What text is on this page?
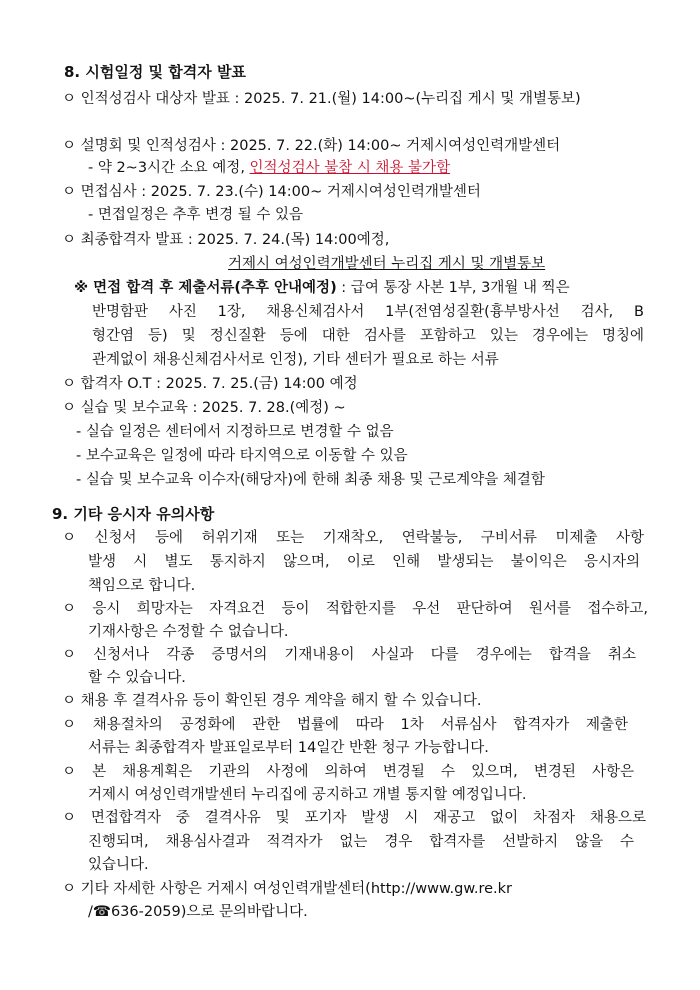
8. 시험일정 및 합격자 발표
ㅇ 인적성검사 대상자 발표 : 2025. 7. 21.(월) 14:00~(누리집 게시 및 개별통보)
ㅇ 설명회 및 인적성검사 : 2025. 7. 22.(화) 14:00~ 거제시여성인력개발센터
- 약 2~3시간 소요 예정, 인적성검사 불참 시 채용 불가함
ㅇ 면접심사 : 2025. 7. 23.(수) 14:00~ 거제시여성인력개발센터
- 면접일정은 추후 변경 될 수 있음
ㅇ 최종합격자 발표 : 2025. 7. 24.(목) 14:00예정,
거제시 여성인력개발센터 누리집 게시 및 개별통보
※ 면접 합격 후 제출서류(추후 안내예정) : 급여 통장 사본 1부, 3개월 내 찍은
반명함판 사진 1장, 채용신체검사서 1부(전염성질환(흉부방사선 검사, B
형간염 등) 및 정신질환 등에 대한 검사를 포함하고 있는 경우에는 명칭에
관계없이 채용신체검사서로 인정), 기타 센터가 필요로 하는 서류
ㅇ 합격자 O.T : 2025. 7. 25.(금) 14:00 예정
ㅇ 실습 및 보수교육 : 2025. 7. 28.(예정) ~
- 실습 일정은 센터에서 지정하므로 변경할 수 없음
- 보수교육은 일정에 따라 타지역으로 이동할 수 있음
- 실습 및 보수교육 이수자(해당자)에 한해 최종 채용 및 근로계약을 체결함
9. 기타 응시자 유의사항
ㅇ 신청서 등에 허위기재 또는 기재착오, 연락불능, 구비서류 미제출 사항
발생 시 별도 통지하지 않으며, 이로 인해 발생되는 불이익은 응시자의
책임으로 합니다.
ㅇ 응시 희망자는 자격요건 등이 적합한지를 우선 판단하여 원서를 접수하고,
기재사항은 수정할 수 없습니다.
ㅇ 신청서나 각종 증명서의 기재내용이 사실과 다를 경우에는 합격을 취소
할 수 있습니다.
ㅇ 채용 후 결격사유 등이 확인된 경우 계약을 해지 할 수 있습니다.
ㅇ 채용절차의 공정화에 관한 법률에 따라 1차 서류심사 합격자가 제출한
서류는 최종합격자 발표일로부터 14일간 반환 청구 가능합니다.
ㅇ 본 채용계획은 기관의 사정에 의하여 변경될 수 있으며, 변경된 사항은
거제시 여성인력개발센터 누리집에 공지하고 개별 통지할 예정입니다.
ㅇ 면접합격자 중 결격사유 및 포기자 발생 시 재공고 없이 차점자 채용으로
진행되며, 채용심사결과 적격자가 없는 경우 합격자를 선발하지 않을 수
있습니다.
ㅇ 기타 자세한 사항은 거제시 여성인력개발센터(http://www.gw.re.kr
/☎636-2059)으로 문의바랍니다.
